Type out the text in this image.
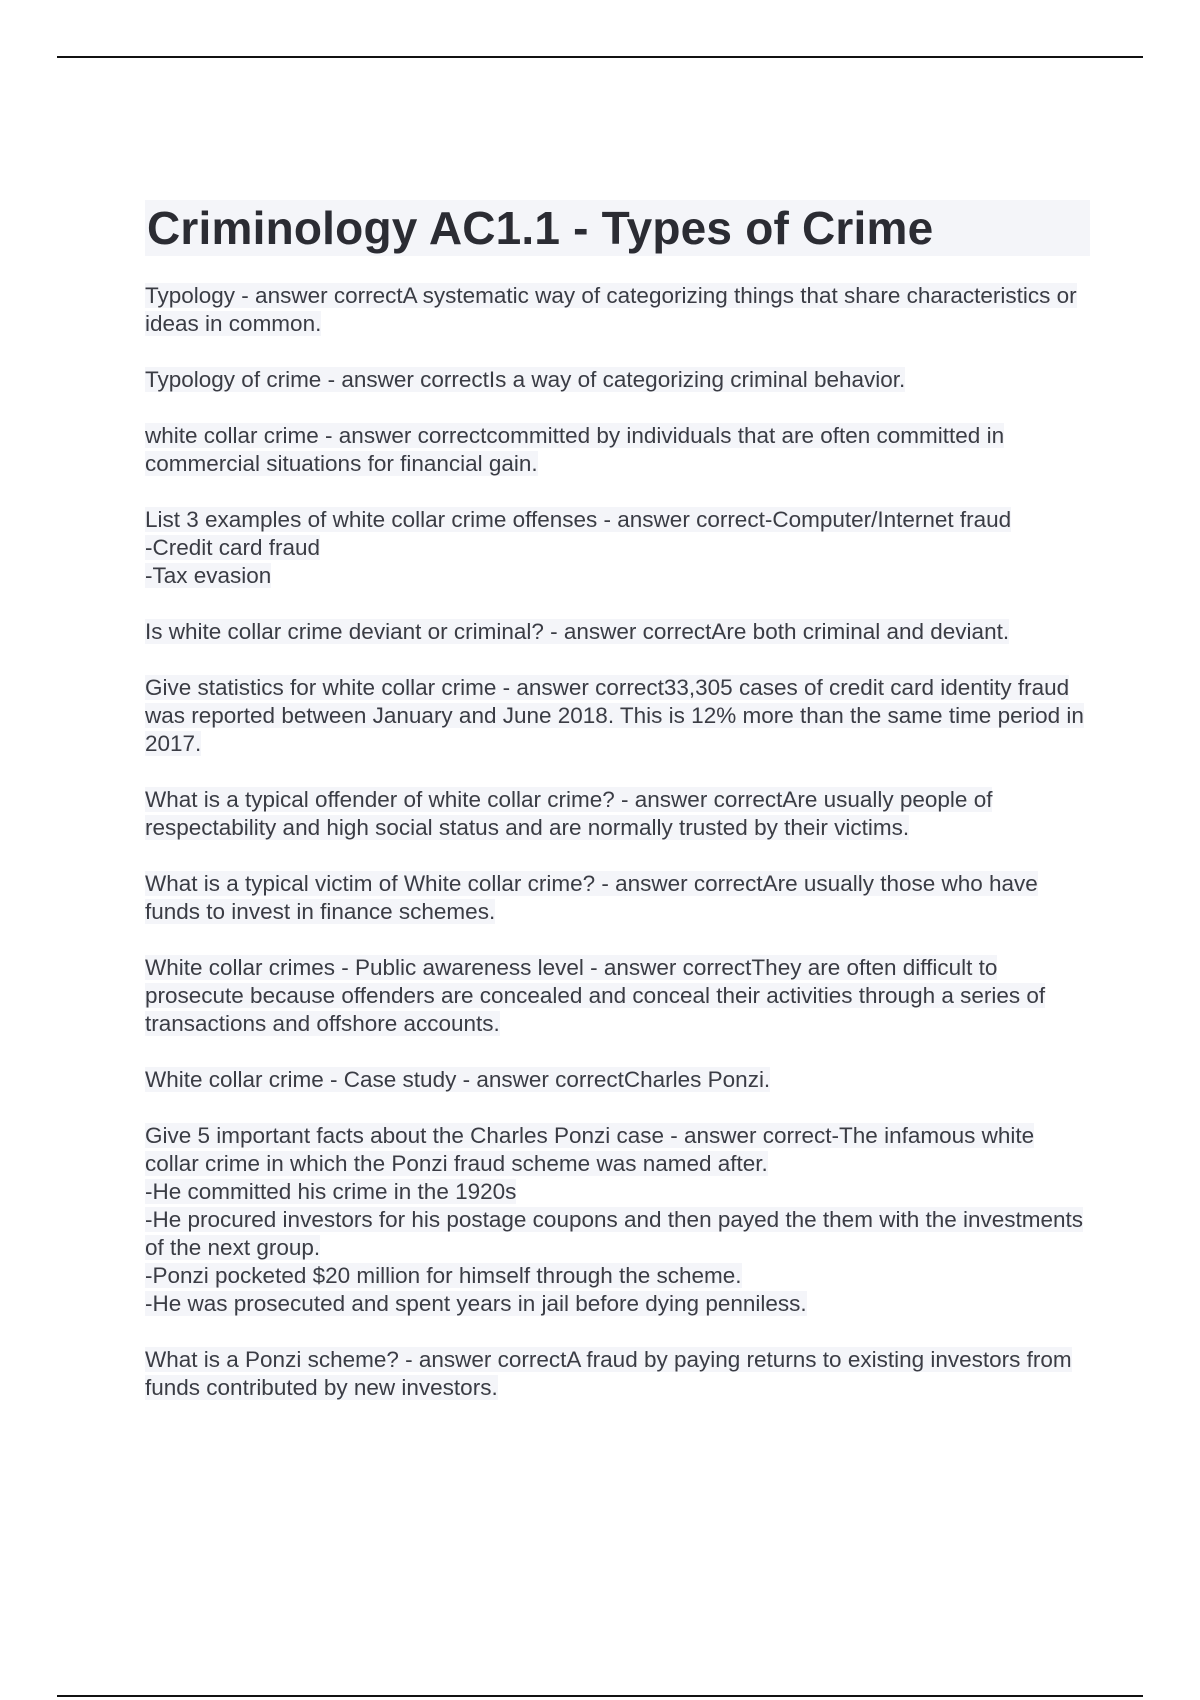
Criminology AC1.1 - Types of Crime
Typology - answer correctA systematic way of categorizing things that share characteristics or ideas in common.
Typology of crime - answer correctIs a way of categorizing criminal behavior.
white collar crime - answer correctcommitted by individuals that are often committed in commercial situations for financial gain.
List 3 examples of white collar crime offenses - answer correct-Computer/Internet fraud
-Credit card fraud
-Tax evasion
Is white collar crime deviant or criminal? - answer correctAre both criminal and deviant.
Give statistics for white collar crime - answer correct33,305 cases of credit card identity fraud was reported between January and June 2018. This is 12% more than the same time period in 2017.
What is a typical offender of white collar crime? - answer correctAre usually people of respectability and high social status and are normally trusted by their victims.
What is a typical victim of White collar crime? - answer correctAre usually those who have funds to invest in finance schemes.
White collar crimes - Public awareness level - answer correctThey are often difficult to prosecute because offenders are concealed and conceal their activities through a series of transactions and offshore accounts.
White collar crime - Case study - answer correctCharles Ponzi.
Give 5 important facts about the Charles Ponzi case - answer correct-The infamous white collar crime in which the Ponzi fraud scheme was named after.
-He committed his crime in the 1920s
-He procured investors for his postage coupons and then payed the them with the investments of the next group.
-Ponzi pocketed $20 million for himself through the scheme.
-He was prosecuted and spent years in jail before dying penniless.
What is a Ponzi scheme? - answer correctA fraud by paying returns to existing investors from funds contributed by new investors.
